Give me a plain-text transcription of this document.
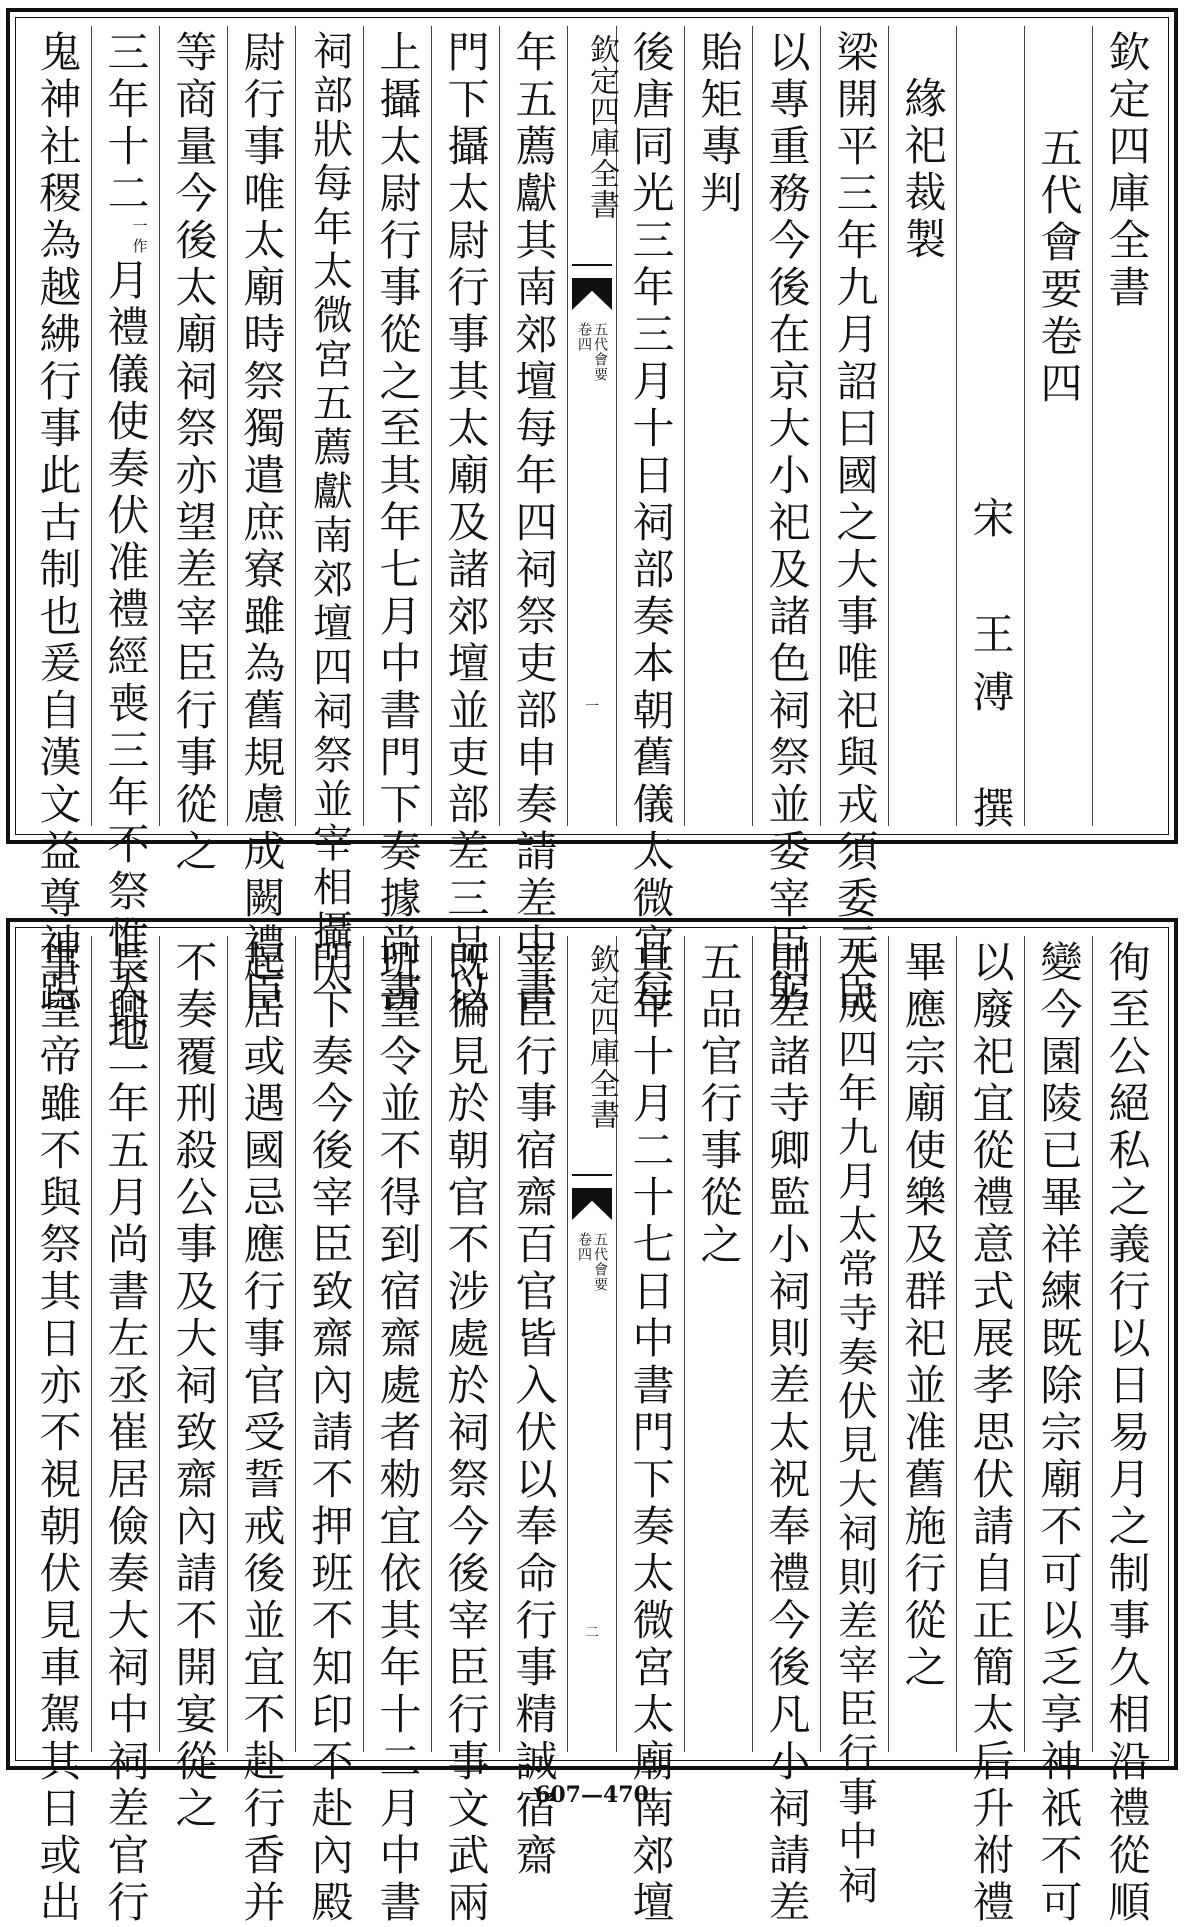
欽定四庫全書
五代會要卷四
宋　王溥　撰
緣祀裁製
梁開平三年九月詔曰國之大事唯祀與戎須委元臣
以專重務今後在京大小祀及諸色祠祭並委宰臣躬
貽矩專判
後唐同光三年三月十日祠部奏本朝舊儀太微宮每
欽定四庫全書
五代會要
卷四
一
年五薦獻其南郊壇每年四祠祭吏部申奏請差中書
門下攝太尉行事其太廟及諸郊壇並吏部差三品以
上攝太尉行事從之至其年七月中書門下奏據尚書
祠部狀每年太微宮五薦獻南郊壇四祠祭並宰相攝太
尉行事唯太廟時祭獨遣庶寮雖為舊規慮成闕禮臣
等商量今後太廟祠祭亦望差宰臣行事從之
三年十二一作月禮儀使奏伏准禮經喪三年不祭惟天地
鬼神社稷為越紼行事此古制也爰自漢文益尊神跽
徇至公絕私之義行以日易月之制事久相沿禮從順
變今園陵已畢祥練既除宗廟不可以乏享神祇不可
以廢祀宜從禮意式展孝思伏請自正簡太后升祔禮
畢應宗廟使樂及群祀並准舊施行從之
天成四年九月太常寺奏伏見大祠則差宰臣行事中祠
則差諸寺卿監小祠則差太祝奉禮今後凡小祠請差
五品官行事從之
其年十月二十七日中書門下奏太微宮太廟南郊壇
欽定四庫全書
五代會要
卷四
二
宰臣行事宿齋百官皆入伏以奉命行事精誠宿齋
既徧見於朝官不涉處於祠祭今後宰臣行事文武兩
班望令並不得到宿齋處者勑宜依其年十二月中書
門下奏今後宰臣致齋內請不押班不知印不赴內殿
起居或遇國忌應行事官受誓戒後並宜不赴行香并
不奏覆刑殺公事及大祠致齋內請不開宴從之
長興二年五月尚書左丞崔居儉奏大祠中祠差官行
事皇帝雖不與祭其日亦不視朝伏見車駕其日或出	607—470
